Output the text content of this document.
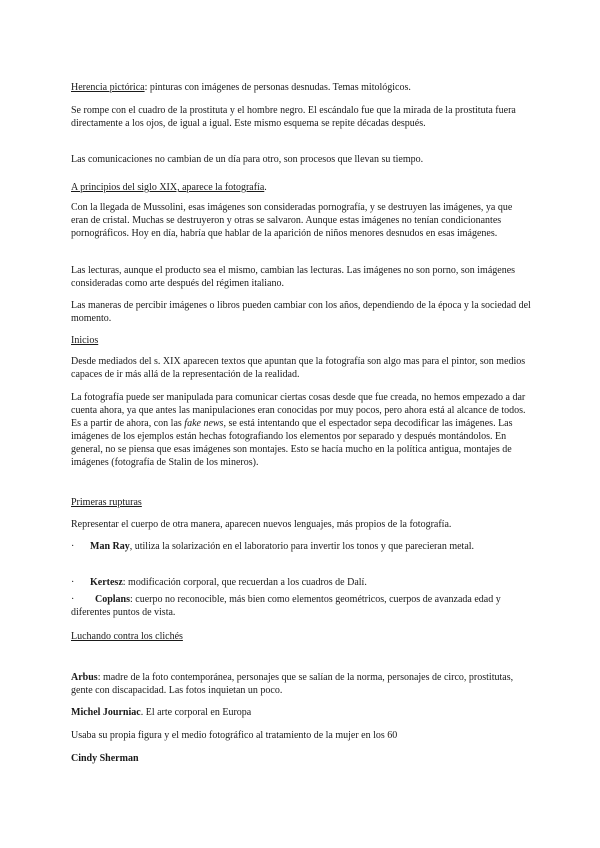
Herencia pictórica: pinturas con imágenes de personas desnudas. Temas mitológicos.

Se rompe con el cuadro de la prostituta y el hombre negro. El escándalo fue que la mirada de la prostituta fuera directamente a los ojos, de igual a igual. Este mismo esquema se repite décadas después.

Las comunicaciones no cambian de un día para otro, son procesos que llevan su tiempo.

A principios del siglo XIX, aparece la fotografía.

Con la llegada de Mussolini, esas imágenes son consideradas pornografía, y se destruyen las imágenes, ya que eran de cristal. Muchas se destruyeron y otras se salvaron. Aunque estas imágenes no tenían condicionantes pornográficos. Hoy en día, habría que hablar de la aparición de niños menores desnudos en esas imágenes.

Las lecturas, aunque el producto sea el mismo, cambian las lecturas. Las imágenes no son porno, son imágenes consideradas como arte después del régimen italiano.

Las maneras de percibir imágenes o libros pueden cambiar con los años, dependiendo de la época y la sociedad del momento.

Inicios

Desde mediados del s. XIX aparecen textos que apuntan que la fotografía son algo mas para el pintor, son medios capaces de ir más allá de la representación de la realidad.

La fotografía puede ser manipulada para comunicar ciertas cosas desde que fue creada, no hemos empezado a dar cuenta ahora, ya que antes las manipulaciones eran conocidas por muy pocos, pero ahora está al alcance de todos. Es a partir de ahora, con las fake news, se está intentando que el espectador sepa decodificar las imágenes. Las imágenes de los ejemplos están hechas fotografiando los elementos por separado y después montándolos. En general, no se piensa que esas imágenes son montajes. Esto se hacía mucho en la política antigua, montajes de imágenes (fotografía de Stalin de los mineros).

Primeras rupturas

Representar el cuerpo de otra manera, aparecen nuevos lenguajes, más propios de la fotografía.

· Man Ray, utiliza la solarización en el laboratorio para invertir los tonos y que parecieran metal.

· Kertesz: modificación corporal, que recuerdan a los cuadros de Dalí.

·	Coplans: cuerpo no reconocible, más bien como elementos geométricos, cuerpos de avanzada edad y diferentes puntos de vista.

Luchando contra los clichés

Arbus: madre de la foto contemporánea, personajes que se salían de la norma, personajes de circo, prostitutas, gente con discapacidad. Las fotos inquietan un poco.

Michel Journiac. El arte corporal en Europa

Usaba su propia figura y el medio fotográfico al tratamiento de la mujer en los 60

Cindy Sherman
